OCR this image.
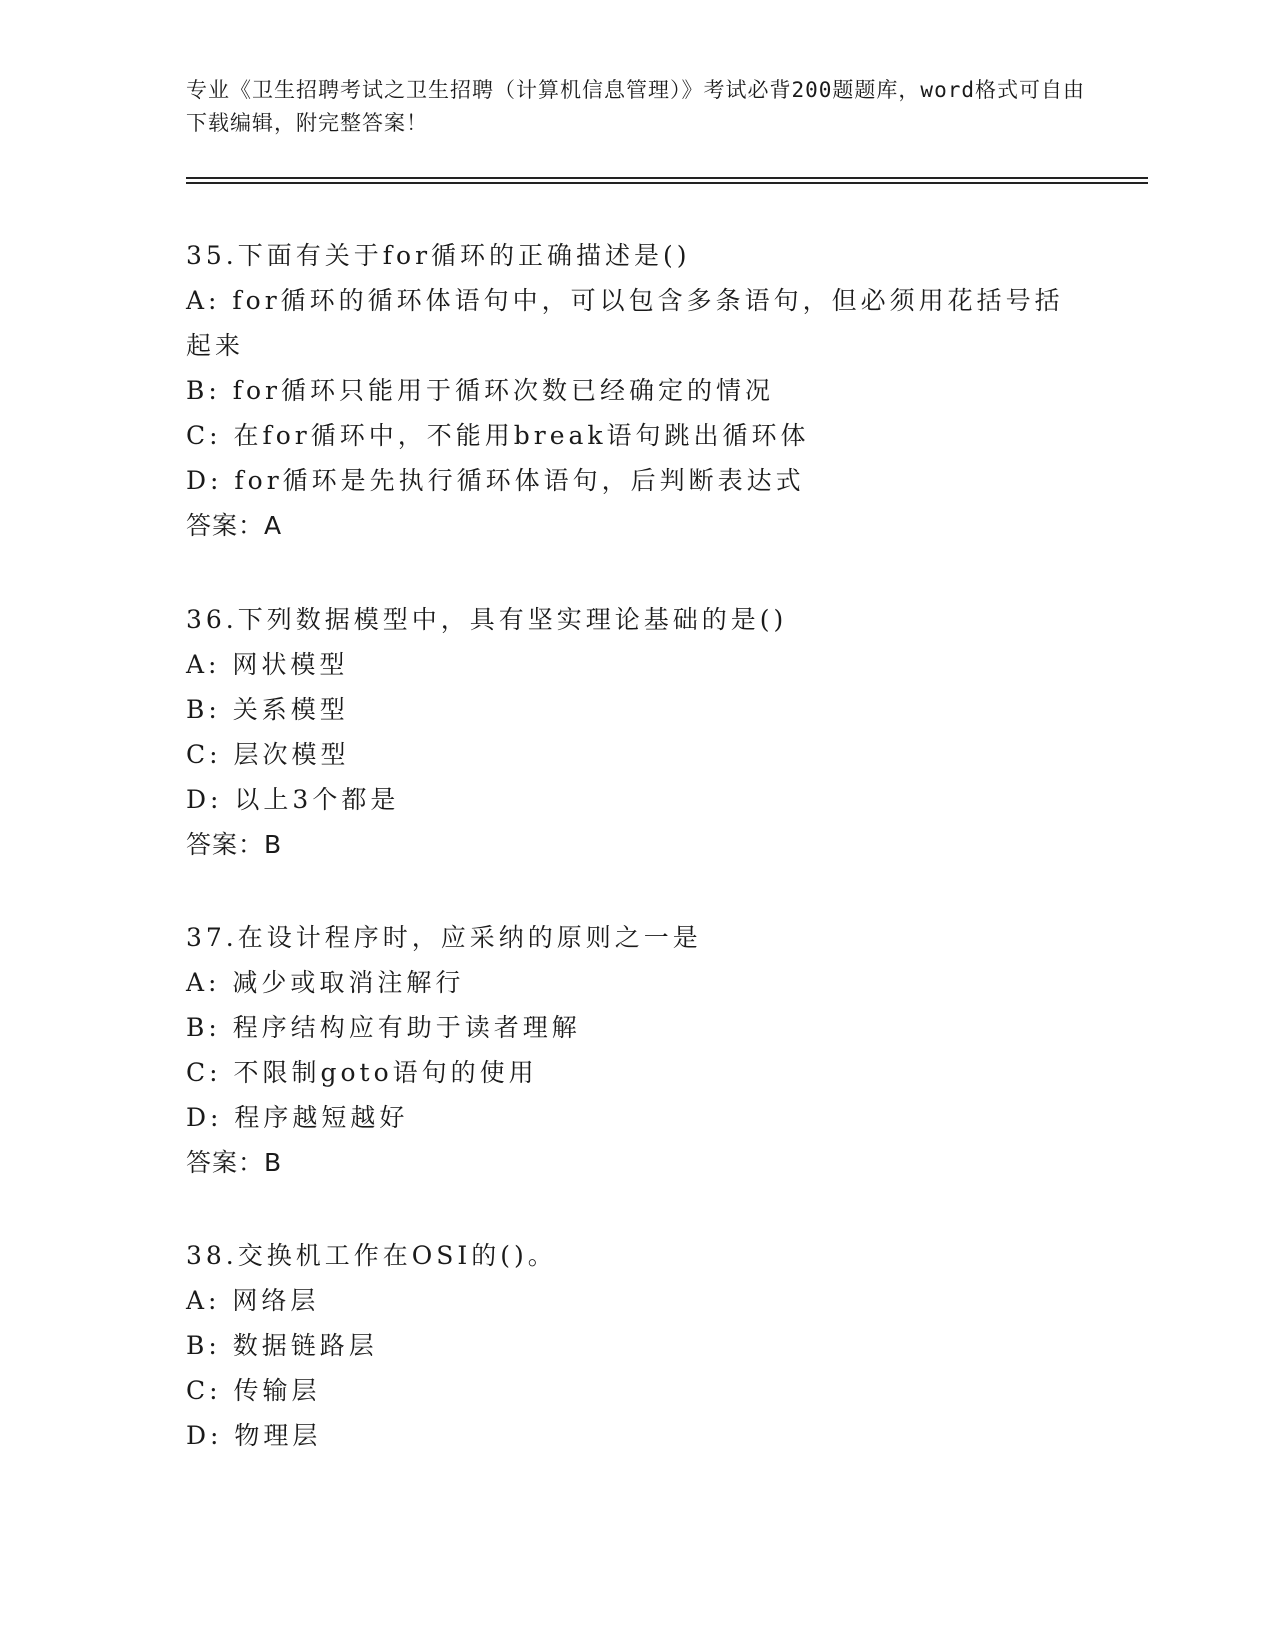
专业《卫生招聘考试之卫生招聘（计算机信息管理）》考试必背200题题库，word格式可自由下载编辑，附完整答案！
35.下面有关于for循环的正确描述是()
A: for循环的循环体语句中，可以包含多条语句，但必须用花括号括起来
B: for循环只能用于循环次数已经确定的情况
C: 在for循环中，不能用break语句跳出循环体
D: for循环是先执行循环体语句，后判断表达式
答案：A
36.下列数据模型中，具有坚实理论基础的是()
A: 网状模型
B: 关系模型
C: 层次模型
D: 以上3个都是
答案：B
37.在设计程序时，应采纳的原则之一是
A: 减少或取消注解行
B: 程序结构应有助于读者理解
C: 不限制goto语句的使用
D: 程序越短越好
答案：B
38.交换机工作在OSI的()。
A: 网络层
B: 数据链路层
C: 传输层
D: 物理层
